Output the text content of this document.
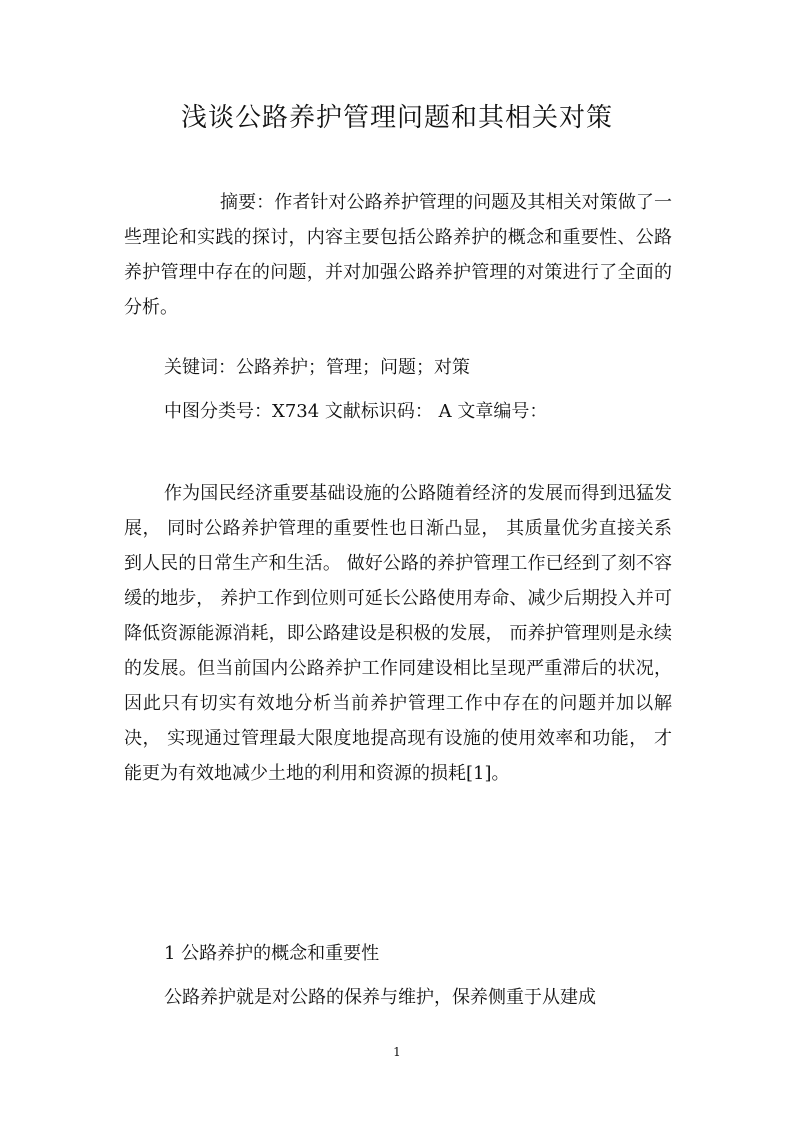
浅谈公路养护管理问题和其相关对策

摘要：作者针对公路养护管理的问题及其相关对策做了一些理论和实践的探讨，内容主要包括公路养护的概念和重要性、公路养护管理中存在的问题，并对加强公路养护管理的对策进行了全面的分析。

关键词：公路养护；管理；问题；对策

中图分类号：X734 文献标识码： A 文章编号：

作为国民经济重要基础设施的公路随着经济的发展而得到迅猛发展， 同时公路养护管理的重要性也日渐凸显， 其质量优劣直接关系到人民的日常生产和生活。 做好公路的养护管理工作已经到了刻不容缓的地步， 养护工作到位则可延长公路使用寿命、减少后期投入并可降低资源能源消耗，即公路建设是积极的发展， 而养护管理则是永续的发展。但当前国内公路养护工作同建设相比呈现严重滞后的状况，因此只有切实有效地分析当前养护管理工作中存在的问题并加以解决， 实现通过管理最大限度地提高现有设施的使用效率和功能， 才能更为有效地减少土地的利用和资源的损耗[1]。

1 公路养护的概念和重要性

公路养护就是对公路的保养与维护，保养侧重于从建成

1
